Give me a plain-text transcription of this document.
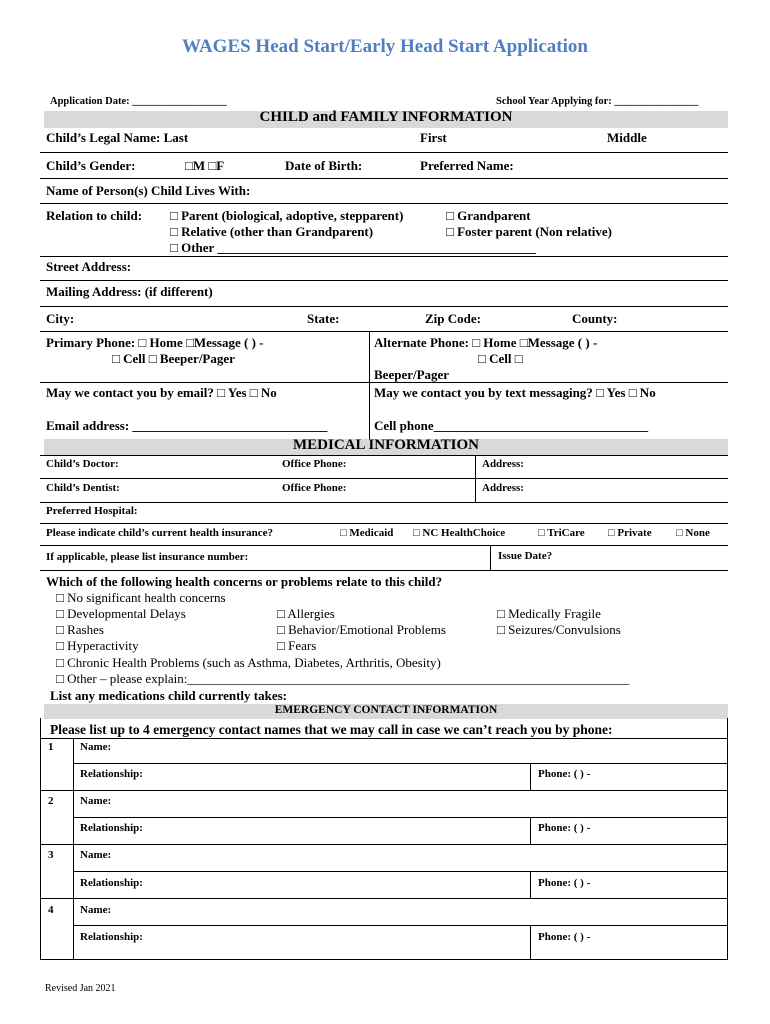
WAGES Head Start/Early Head Start Application
Application Date: __________________	School Year Applying for: ________________
CHILD and FAMILY INFORMATION
Child’s Legal Name: Last	First	Middle
Child’s Gender:	□M □F	Date of Birth:	Preferred Name:
Name of Person(s) Child Lives With:
Relation to child: □ Parent (biological, adoptive, stepparent)
□ Relative (other than Grandparent)
□ Other _________________________________________________
□ Grandparent
□ Foster parent (Non relative)
Street Address:
Mailing Address: (if different)
City:	State:	Zip Code:	County:
Primary Phone: □ Home □Message ( ) -
□ Cell □ Beeper/Pager
Alternate Phone: □ Home □Message ( ) -
□ Cell □
Beeper/Pager
May we contact you by email? □ Yes □ No	May we contact you by text messaging? □ Yes □ No
Email address: ______________________________	Cell phone_________________________________
MEDICAL INFORMATION
Child’s Doctor:	Office Phone:	Address:
Child’s Dentist:	Office Phone:	Address:
Preferred Hospital:
Please indicate child’s current health insurance?	□ Medicaid □ NC HealthChoice	□ TriCare □ Private □ None
If applicable, please list insurance number:	Issue Date?
Which of the following health concerns or problems relate to this child?
□ No significant health concerns
□ Developmental Delays	□ Allergies	□ Medically Fragile
□ Rashes	□ Behavior/Emotional Problems	□ Seizures/Convulsions
□ Hyperactivity	□ Fears
□ Chronic Health Problems (such as Asthma, Diabetes, Arthritis, Obesity)
□ Other – please explain:____________________________________________________________________
List any medications child currently takes:
EMERGENCY CONTACT INFORMATION
Please list up to 4 emergency contact names that we may call in case we can’t reach you by phone:
1 Name:
Relationship:	Phone: ( ) -
2 Name:
Relationship:	Phone: ( ) -
3 Name:
Relationship:	Phone: ( ) -
4 Name:
Relationship:	Phone: ( ) -
Revised Jan 2021
